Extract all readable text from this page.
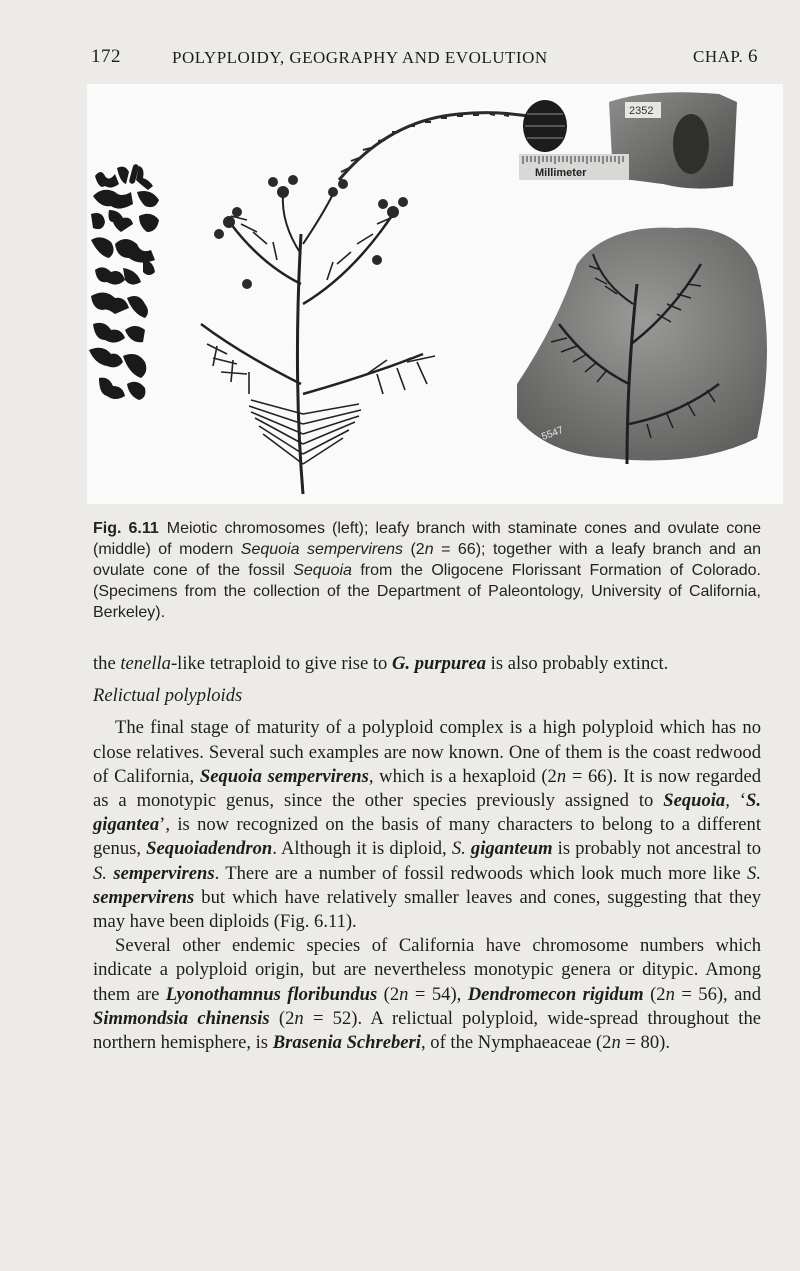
172	POLYPLOIDY, GEOGRAPHY AND EVOLUTION	CHAP. 6
2352
Millimeter
5547
Fig. 6.11 Meiotic chromosomes (left); leafy branch with staminate cones and ovulate cone (middle) of modern Sequoia sempervirens (2n = 66); together with a leafy branch and an ovulate cone of the fossil Sequoia from the Oligocene Florissant Formation of Colorado. (Specimens from the collection of the Department of Paleontology, University of California, Berkeley).

the tenella-like tetraploid to give rise to G. purpurea is also probably extinct.

Relictual polyploids

The final stage of maturity of a polyploid complex is a high polyploid which has no close relatives. Several such examples are now known. One of them is the coast redwood of California, Sequoia sempervirens, which is a hexaploid (2n = 66). It is now regarded as a monotypic genus, since the other species previously assigned to Sequoia, ‘S. gigantea’, is now recognized on the basis of many characters to belong to a different genus, Sequoiadendron. Although it is diploid, S. giganteum is probably not ancestral to S. sempervirens. There are a number of fossil redwoods which look much more like S. sempervirens but which have relatively smaller leaves and cones, suggesting that they may have been diploids (Fig. 6.11).

Several other endemic species of California have chromosome numbers which indicate a polyploid origin, but are nevertheless monotypic genera or ditypic. Among them are Lyonothamnus floribundus (2n = 54), Dendromecon rigidum (2n = 56), and Simmondsia chinensis (2n = 52). A relictual polyploid, wide-spread throughout the northern hemisphere, is Brasenia Schreberi, of the Nymphaeaceae (2n = 80).
